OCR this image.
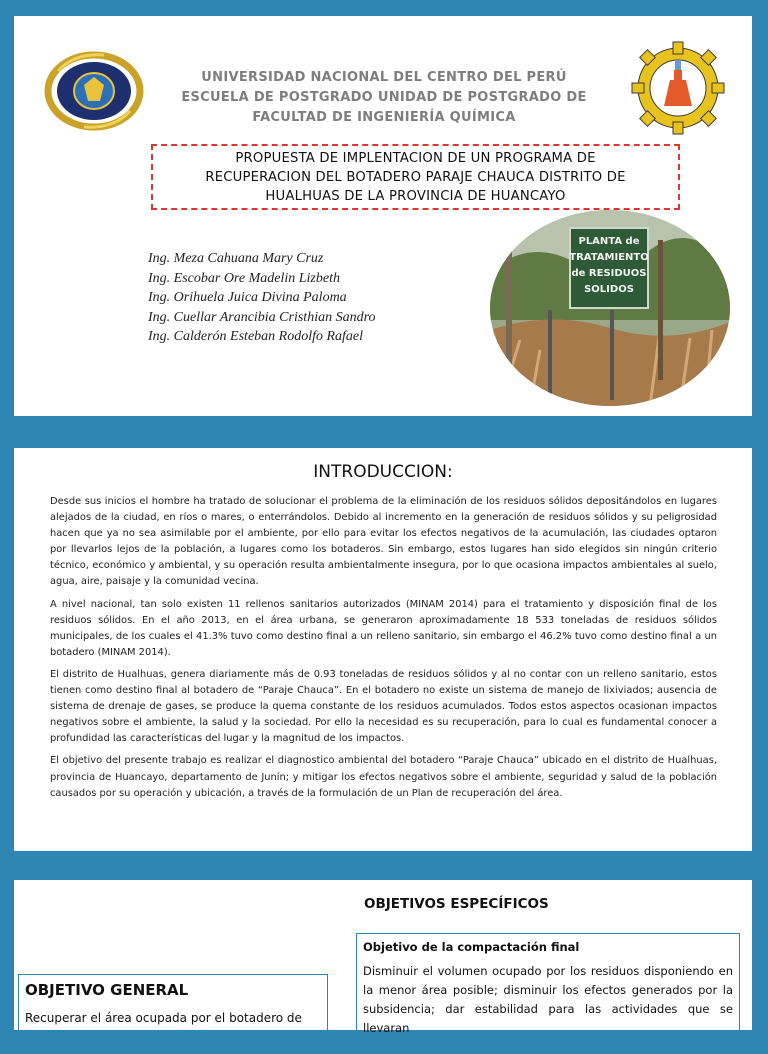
UNIVERSIDAD NACIONAL DEL CENTRO DEL PERÚ
ESCUELA DE POSTGRADO UNIDAD DE POSTGRADO DE
FACULTAD DE INGENIERÍA QUÍMICA
PROPUESTA DE IMPLENTACION DE UN PROGRAMA DE
RECUPERACION DEL BOTADERO PARAJE CHAUCA DISTRITO DE
HUALHUAS DE LA PROVINCIA DE HUANCAYO
Ing. Meza Cahuana Mary Cruz
Ing. Escobar Ore Madelin Lizbeth
Ing. Orihuela Juica Divina Paloma
Ing. Cuellar Arancibia Cristhian Sandro
Ing. Calderón Esteban Rodolfo Rafael
PLANTA de
TRATAMIENTO
de RESIDUOS
SOLIDOS
INTRODUCCION:

Desde sus inicios el hombre ha tratado de solucionar el problema de la eliminación de los residuos sólidos depositándolos en lugares alejados de la ciudad, en ríos o mares, o enterrándolos. Debido al incremento en la generación de residuos sólidos y su peligrosidad hacen que ya no sea asimilable por el ambiente, por ello para evitar los efectos negativos de la acumulación, las ciudades optaron por llevarlos lejos de la población, a lugares como los botaderos. Sin embargo, estos lugares han sido elegidos sin ningún criterio técnico, económico y ambiental, y su operación resulta ambientalmente insegura, por lo que ocasiona impactos ambientales al suelo, agua, aire, paisaje y la comunidad vecina.

A nivel nacional, tan solo existen 11 rellenos sanitarios autorizados (MINAM 2014) para el tratamiento y disposición final de los residuos sólidos. En el año 2013, en el área urbana, se generaron aproximadamente 18 533 toneladas de residuos sólidos municipales, de los cuales el 41.3% tuvo como destino final a un relleno sanitario, sin embargo el 46.2% tuvo como destino final a un botadero (MINAM 2014).

El distrito de Hualhuas, genera diariamente más de 0.93 toneladas de residuos sólidos y al no contar con un relleno sanitario, estos tienen como destino final al botadero de “Paraje Chauca”. En el botadero no existe un sistema de manejo de lixiviados; ausencia de sistema de drenaje de gases, se produce la quema constante de los residuos acumulados. Todos estos aspectos ocasionan impactos negativos sobre el ambiente, la salud y la sociedad. Por ello la necesidad es su recuperación, para lo cual es fundamental conocer a profundidad las características del lugar y la magnitud de los impactos.

El objetivo del presente trabajo es realizar el diagnostico ambiental del botadero “Paraje Chauca” ubicado en el distrito de Hualhuas, provincia de Huancayo, departamento de Junín; y mitigar los efectos negativos sobre el ambiente, seguridad y salud de la población causados por su operación y ubicación, a través de la formulación de un Plan de recuperación del área.

OBJETIVOS ESPECÍFICOS
Objetivo de la compactación final
Disminuir el volumen ocupado por los residuos disponiendo en la menor área posible; disminuir los efectos generados por la subsidencia; dar estabilidad para las actividades que se llevaran
OBJETIVO GENERAL
Recuperar el área ocupada por el botadero de
